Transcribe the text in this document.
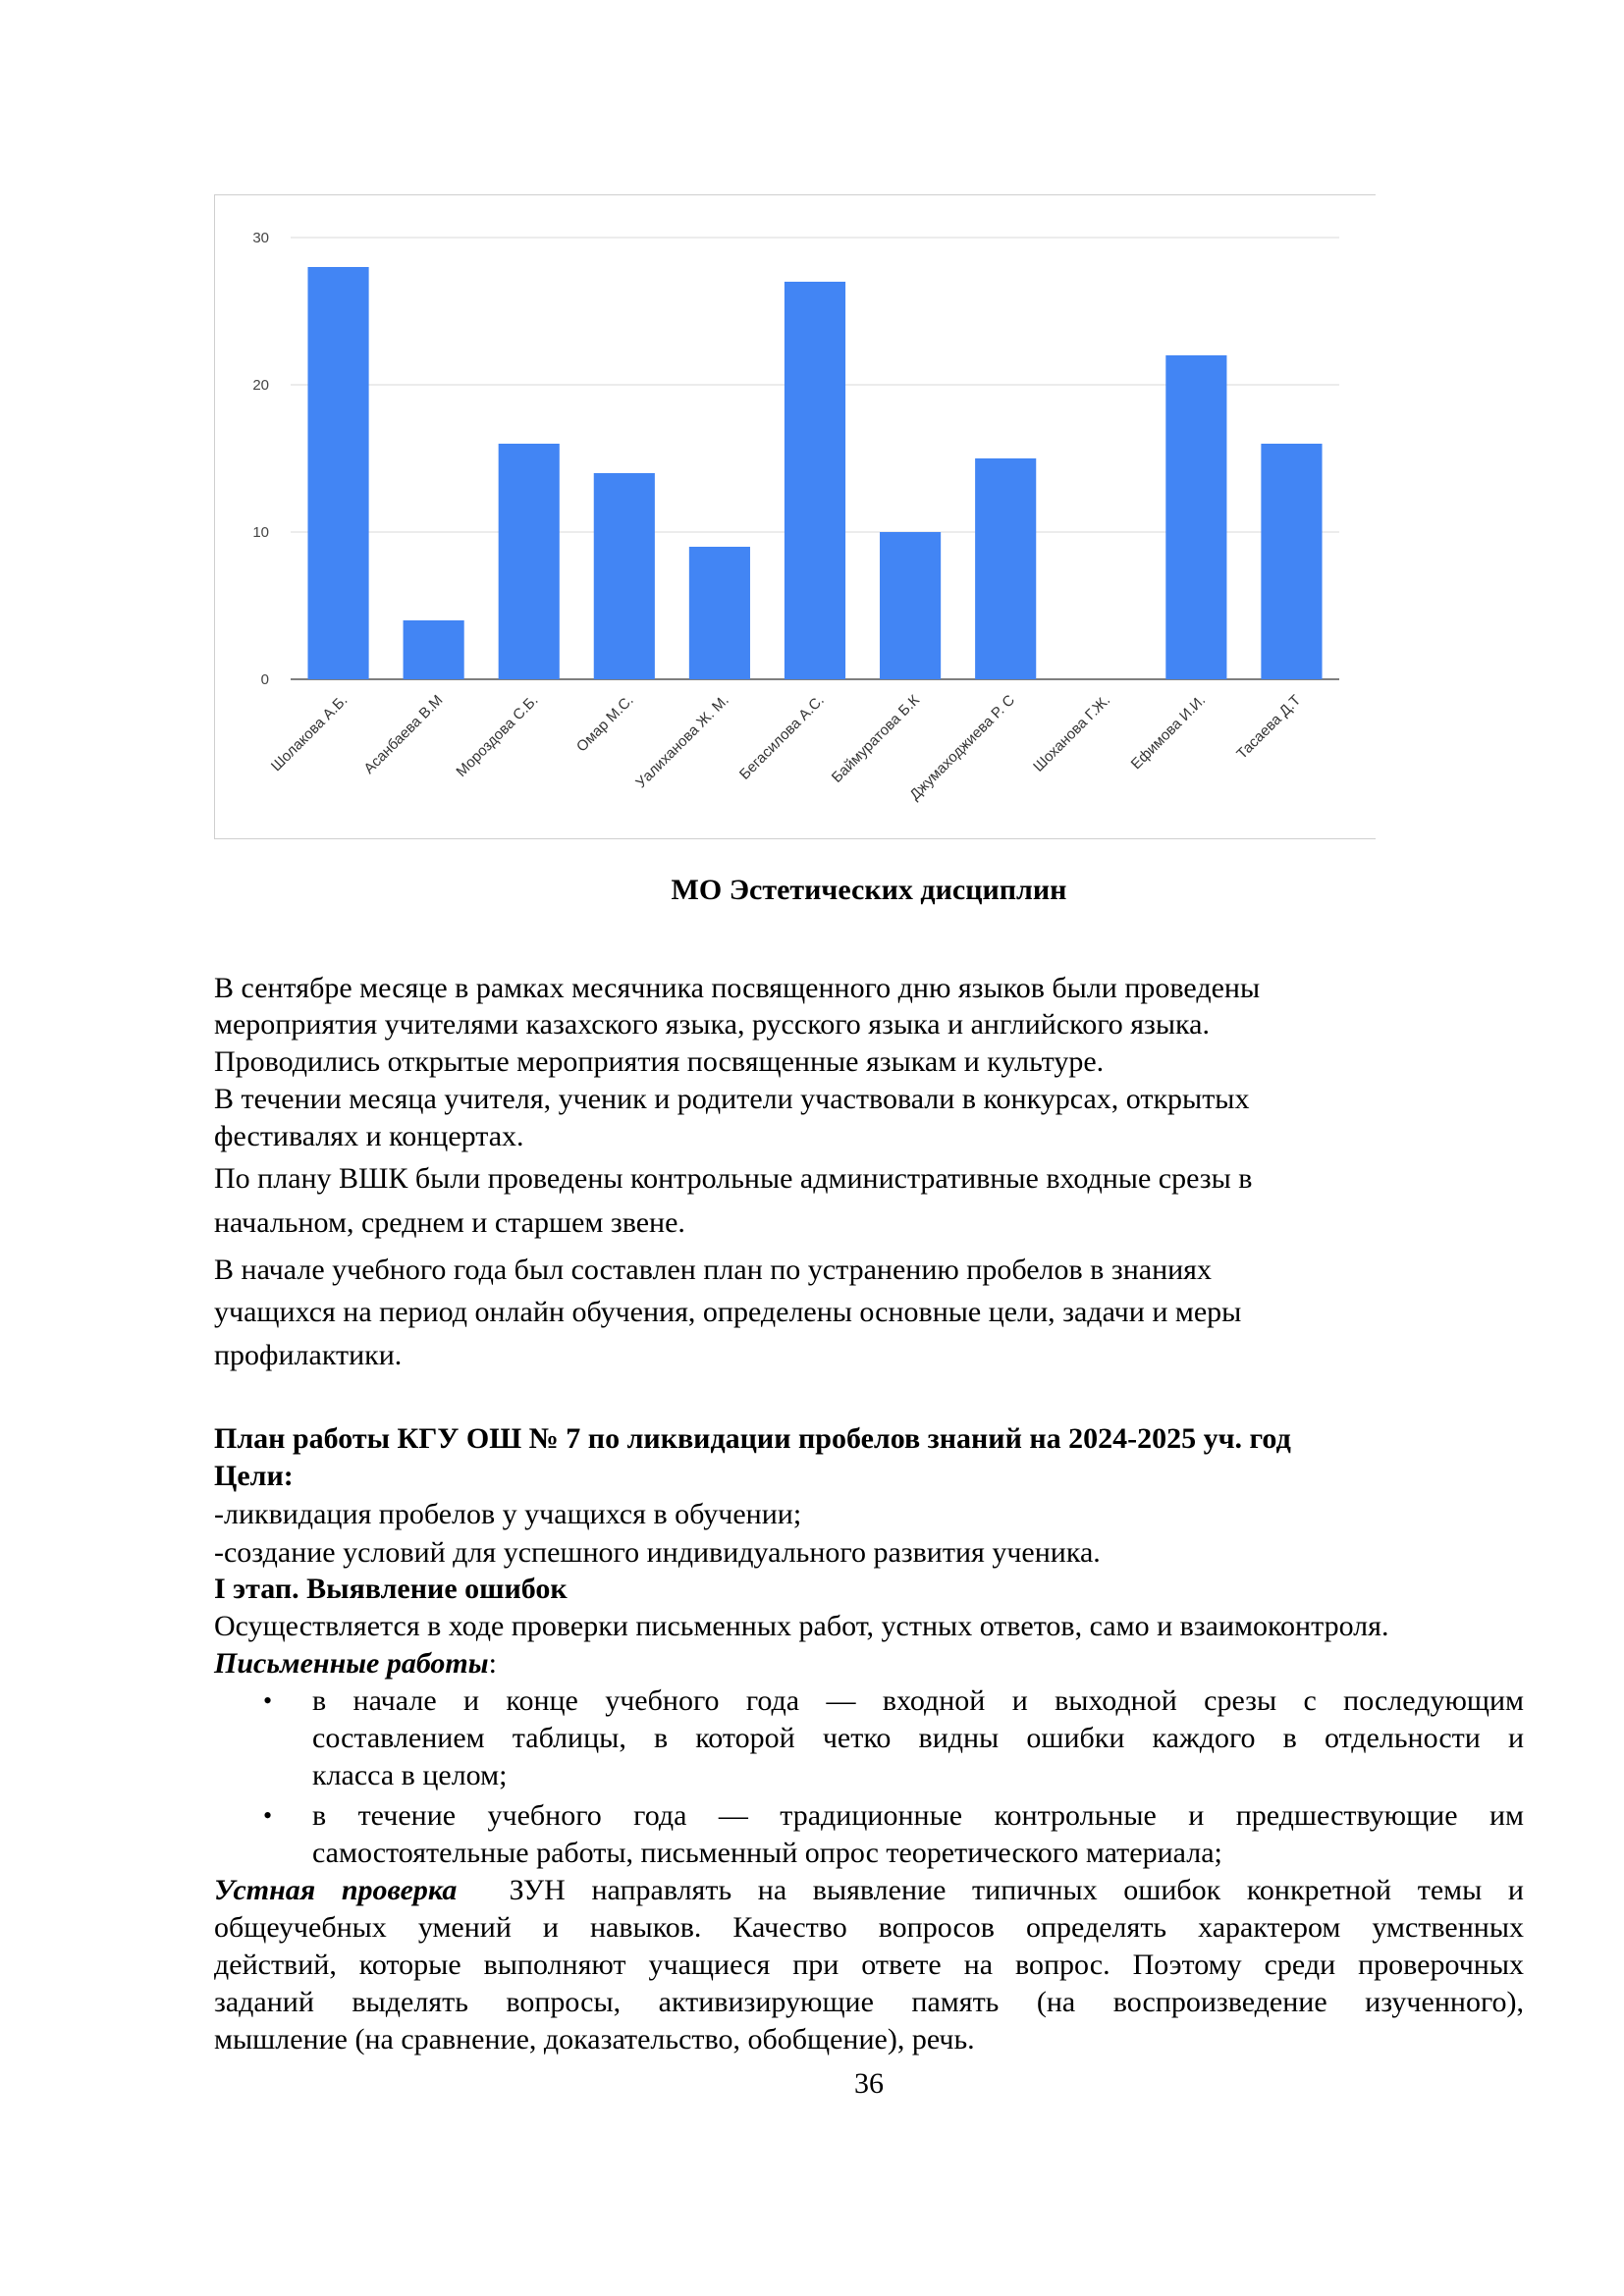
0
10
20
30
Шолакова А.Б. Асанбаева В.М Мороздова С.Б. Омар М.С.
Уалиханова Ж. М. Бегасилова А.С. Баймуратова Б.К
Джумаходжиева Р. С Шоханова Г.Ж. Ефимова И.И. Тасаева Д.Т
МО Эстетических дисциплин
В сентябре месяце в рамках месячника посвященного дню языков были проведены
мероприятия учителями казахского языка, русского языка и английского языка.
Проводились открытые мероприятия посвященные языкам и культуре.
В течении месяца учителя, ученик и родители участвовали в конкурсах, открытых
фестивалях и концертах.
По плану ВШК были проведены контрольные административные входные срезы в
начальном, среднем и старшем звене.
В начале учебного года был составлен план по устранению пробелов в знаниях
учащихся на период онлайн обучения, определены основные цели, задачи и меры
профилактики.
План работы КГУ ОШ № 7 по ликвидации пробелов знаний на 2024-2025 уч. год
Цели:
-ликвидация пробелов у учащихся в обучении;
-создание условий для успешного индивидуального развития ученика.
I этап. Выявление ошибок
Осуществляется в ходе проверки письменных работ, устных ответов, само и взаимоконтроля.
Письменные работы:
• в начале и конце учебного года — входной и выходной срезы с последующим
составлением таблицы, в которой четко видны ошибки каждого в отдельности и
класса в целом;
• в течение учебного года — традиционные контрольные и предшествующие им
самостоятельные работы, письменный опрос теоретического материала;
Устная проверка  ЗУН направлять на выявление типичных ошибок конкретной темы и
общеучебных умений и навыков. Качество вопросов определять характером умственных
действий, которые выполняют учащиеся при ответе на вопрос. Поэтому среди проверочных
заданий выделять вопросы, активизирующие память (на воспроизведение изученного),
мышление (на сравнение, доказательство, обобщение), речь.
36
